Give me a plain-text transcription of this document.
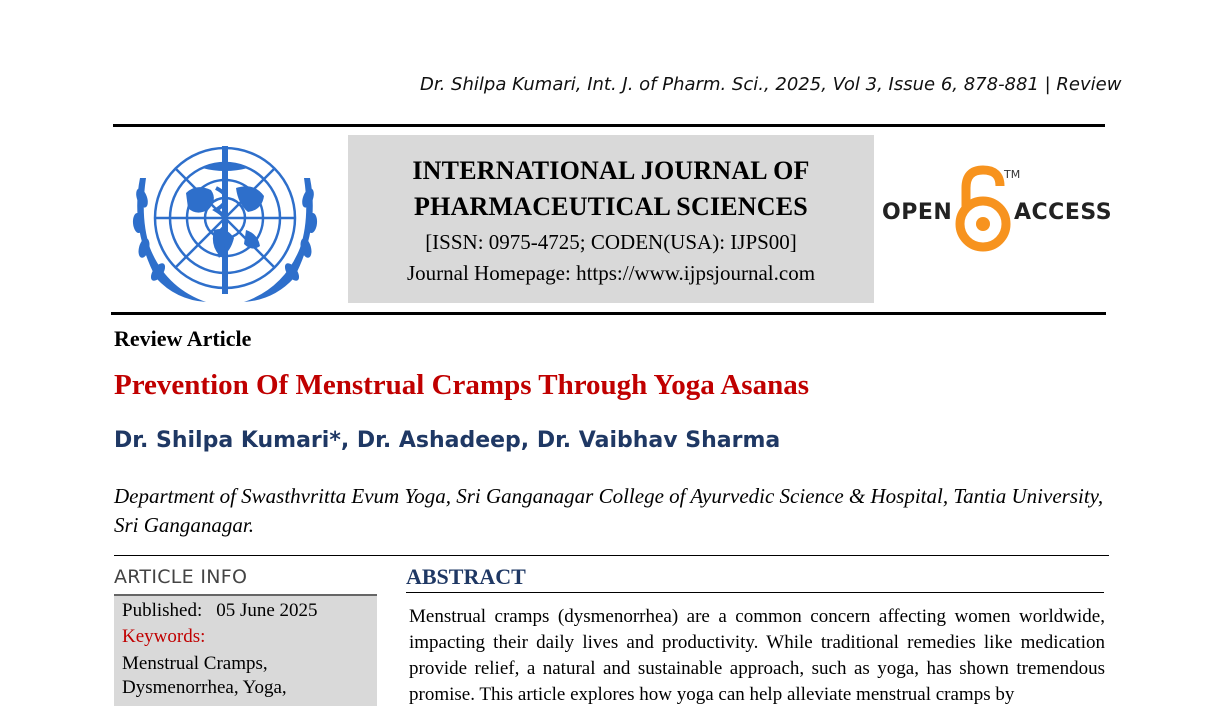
Dr. Shilpa Kumari, Int. J. of Pharm. Sci., 2025, Vol 3, Issue 6, 878-881 | Review
INTERNATIONAL JOURNAL OF
PHARMACEUTICAL SCIENCES
[ISSN: 0975-4725; CODEN(USA): IJPS00]
Journal Homepage: https://www.ijpsjournal.com
OPEN
TM
ACCESS
Review Article
Prevention Of Menstrual Cramps Through Yoga Asanas
Dr. Shilpa Kumari*, Dr. Ashadeep, Dr. Vaibhav Sharma
Department of Swasthvritta Evum Yoga, Sri Ganganagar College of Ayurvedic Science & Hospital, Tantia University, Sri Ganganagar.
ARTICLE INFO
Published: 05 June 2025
Keywords:
Menstrual Cramps,
Dysmenorrhea, Yoga,
ABSTRACT
Menstrual cramps (dysmenorrhea) are a common concern affecting women worldwide, impacting their daily lives and productivity. While traditional remedies like medication provide relief, a natural and sustainable approach, such as yoga, has shown tremendous promise. This article explores how yoga can help alleviate menstrual cramps by
